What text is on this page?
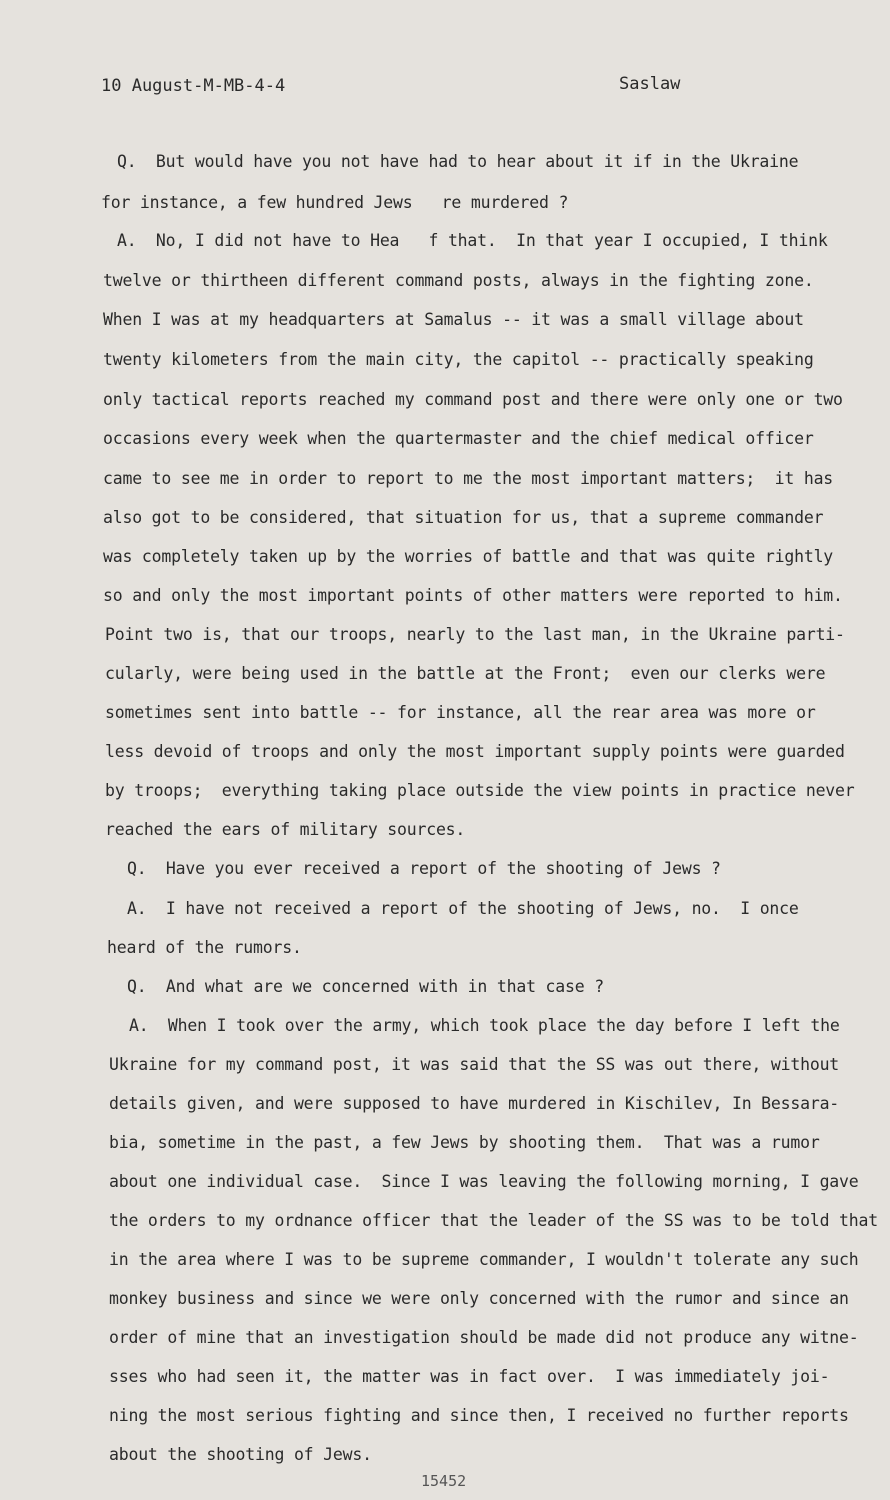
10 August-M-MB-4-4	Saslaw
Q.  But would have you not have had to hear about it if in the Ukraine
for instance, a few hundred Jews   re murdered ?
A.  No, I did not have to Hea   f that.  In that year I occupied, I think
twelve or thirtheen different command posts, always in the fighting zone.
When I was at my headquarters at Samalus -- it was a small village about
twenty kilometers from the main city, the capitol -- practically speaking
only tactical reports reached my command post and there were only one or two
occasions every week when the quartermaster and the chief medical officer
came to see me in order to report to me the most important matters;  it has
also got to be considered, that situation for us, that a supreme commander
was completely taken up by the worries of battle and that was quite rightly
so and only the most important points of other matters were reported to him.
Point two is, that our troops, nearly to the last man, in the Ukraine parti-
cularly, were being used in the battle at the Front;  even our clerks were
sometimes sent into battle -- for instance, all the rear area was more or
less devoid of troops and only the most important supply points were guarded
by troops;  everything taking place outside the view points in practice never
reached the ears of military sources.
Q.  Have you ever received a report of the shooting of Jews ?
A.  I have not received a report of the shooting of Jews, no.  I once
heard of the rumors.
Q.  And what are we concerned with in that case ?
A.  When I took over the army, which took place the day before I left the
Ukraine for my command post, it was said that the SS was out there, without
details given, and were supposed to have murdered in Kischilev, In Bessara-
bia, sometime in the past, a few Jews by shooting them.  That was a rumor
about one individual case.  Since I was leaving the following morning, I gave
the orders to my ordnance officer that the leader of the SS was to be told that
in the area where I was to be supreme commander, I wouldn't tolerate any such
monkey business and since we were only concerned with the rumor and since an
order of mine that an investigation should be made did not produce any witne-
sses who had seen it, the matter was in fact over.  I was immediately joi-
ning the most serious fighting and since then, I received no further reports
about the shooting of Jews.
15452
